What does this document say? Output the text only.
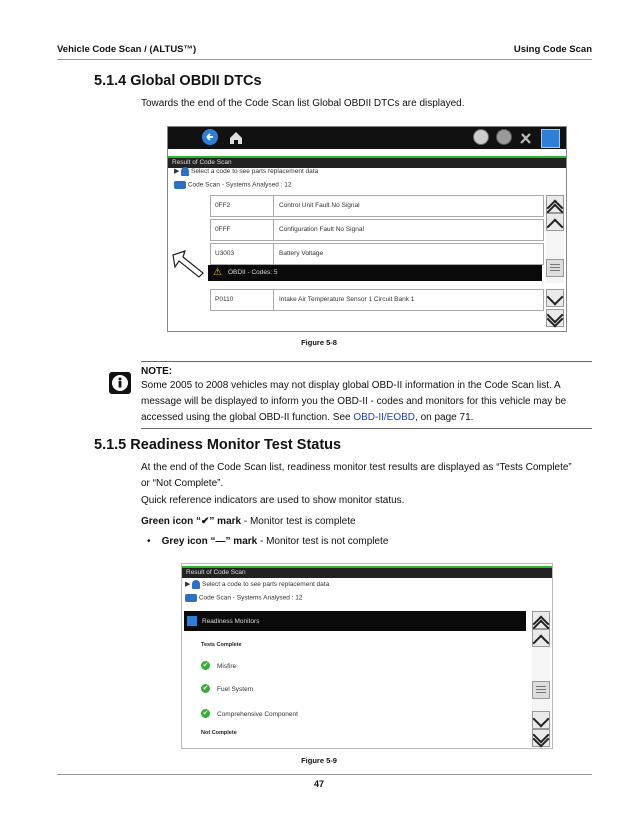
Vehicle Code Scan / (ALTUS™)	Using Code Scan
5.1.4 Global OBDII DTCs
Towards the end of the Code Scan list Global OBDII DTCs are displayed.
Result of Code Scan
▶ Select a code to see parts replacement data
Code Scan - Systems Analysed : 12
0FF2	Control Unit Fault No Signal
0FFF	Configuration Fault No Signal
U3003	Battery Voltage
⚠ OBDII - Codes: 5
P0110	Intake Air Temperature Sensor 1 Circuit Bank 1
Figure 5-8
NOTE:
Some 2005 to 2008 vehicles may not display global OBD-II information in the Code Scan list. A
message will be displayed to inform you the OBD-II - codes and monitors for this vehicle may be
accessed using the global OBD-II function. See OBD-II/EOBD, on page 71.
5.1.5 Readiness Monitor Test Status
At the end of the Code Scan list, readiness monitor test results are displayed as “Tests Complete”
or “Not Complete”.
Quick reference indicators are used to show monitor status.
Green icon “✔” mark - Monitor test is complete
•    Grey icon “—” mark - Monitor test is not complete
Result of Code Scan
▶ Select a code to see parts replacement data
Code Scan - Systems Analysed : 12
Readiness Monitors
Tests Complete
✔ Misfire
✔ Fuel System
✔ Comprehensive Component
Not Complete
Figure 5-9
47
